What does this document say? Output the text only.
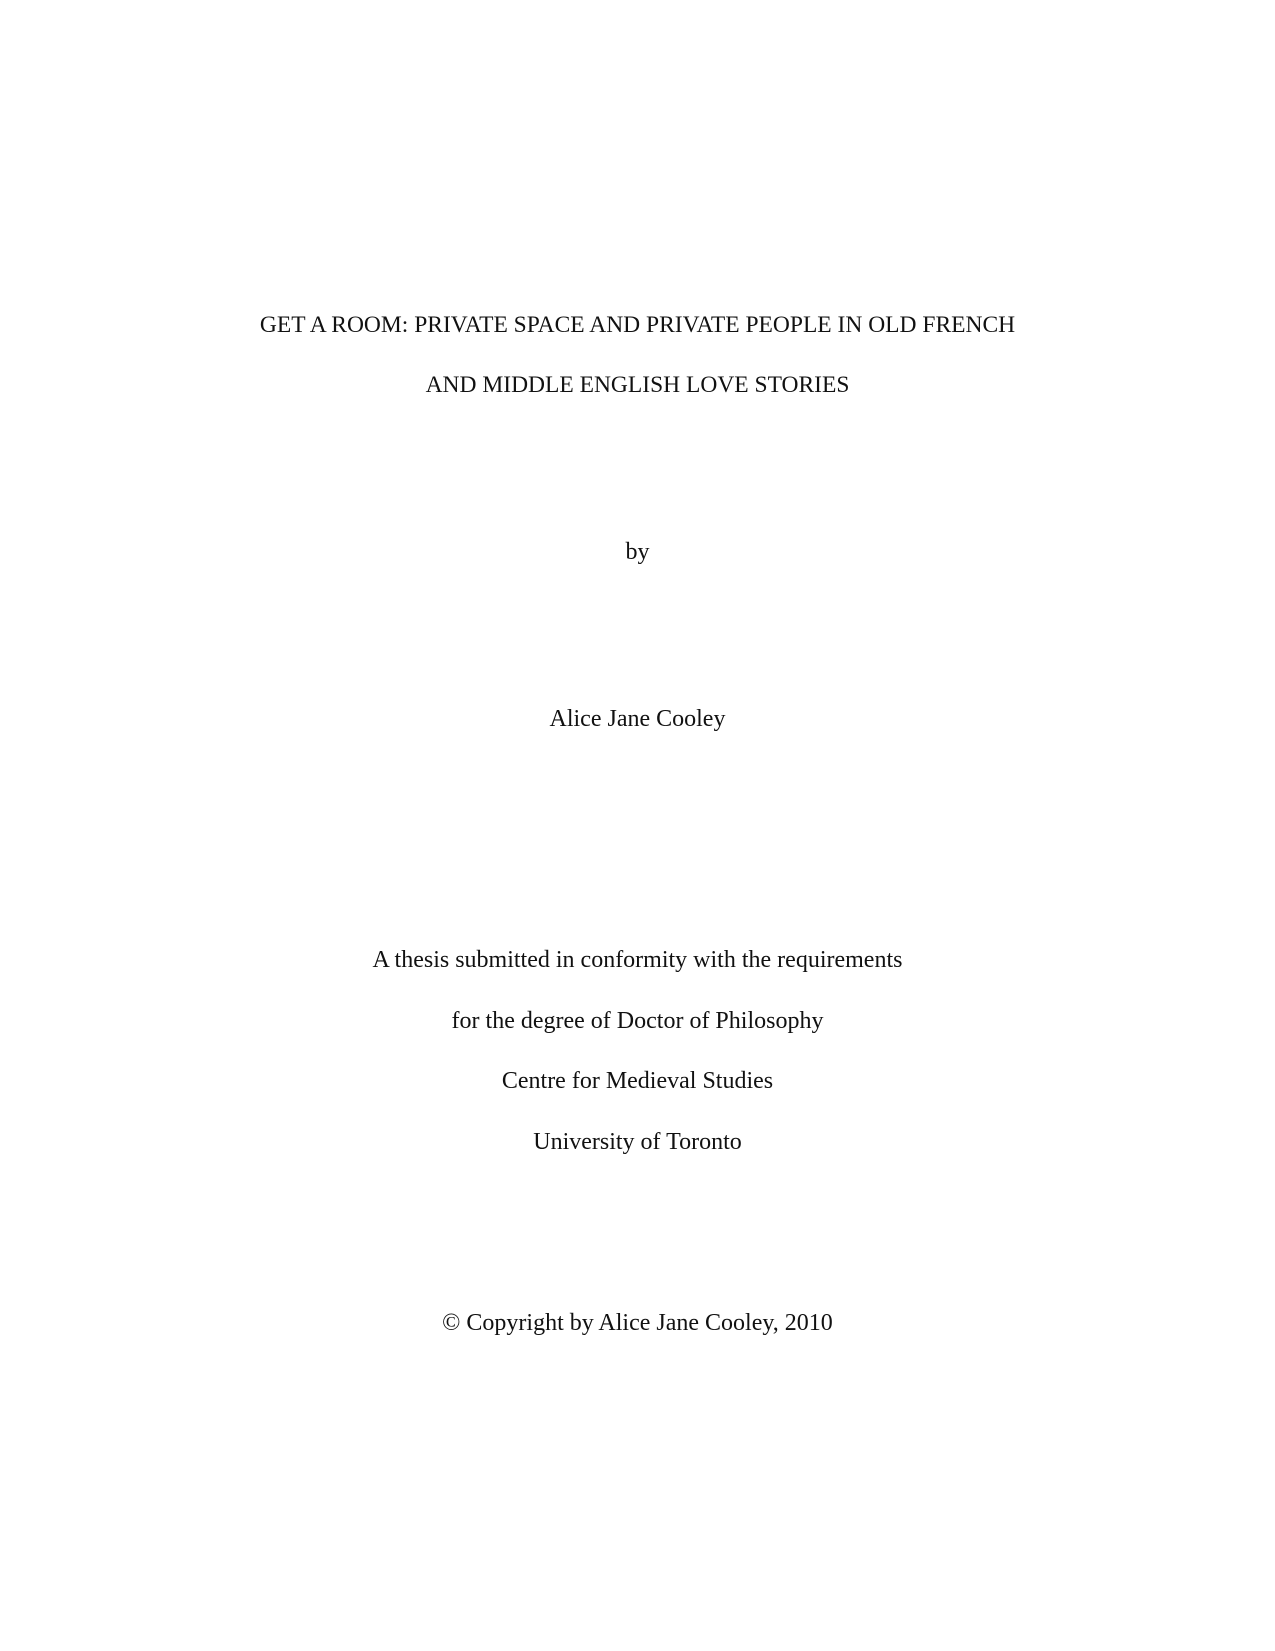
GET A ROOM: PRIVATE SPACE AND PRIVATE PEOPLE IN OLD FRENCH
AND MIDDLE ENGLISH LOVE STORIES
by
Alice Jane Cooley
A thesis submitted in conformity with the requirements
for the degree of Doctor of Philosophy
Centre for Medieval Studies
University of Toronto
© Copyright by Alice Jane Cooley, 2010
